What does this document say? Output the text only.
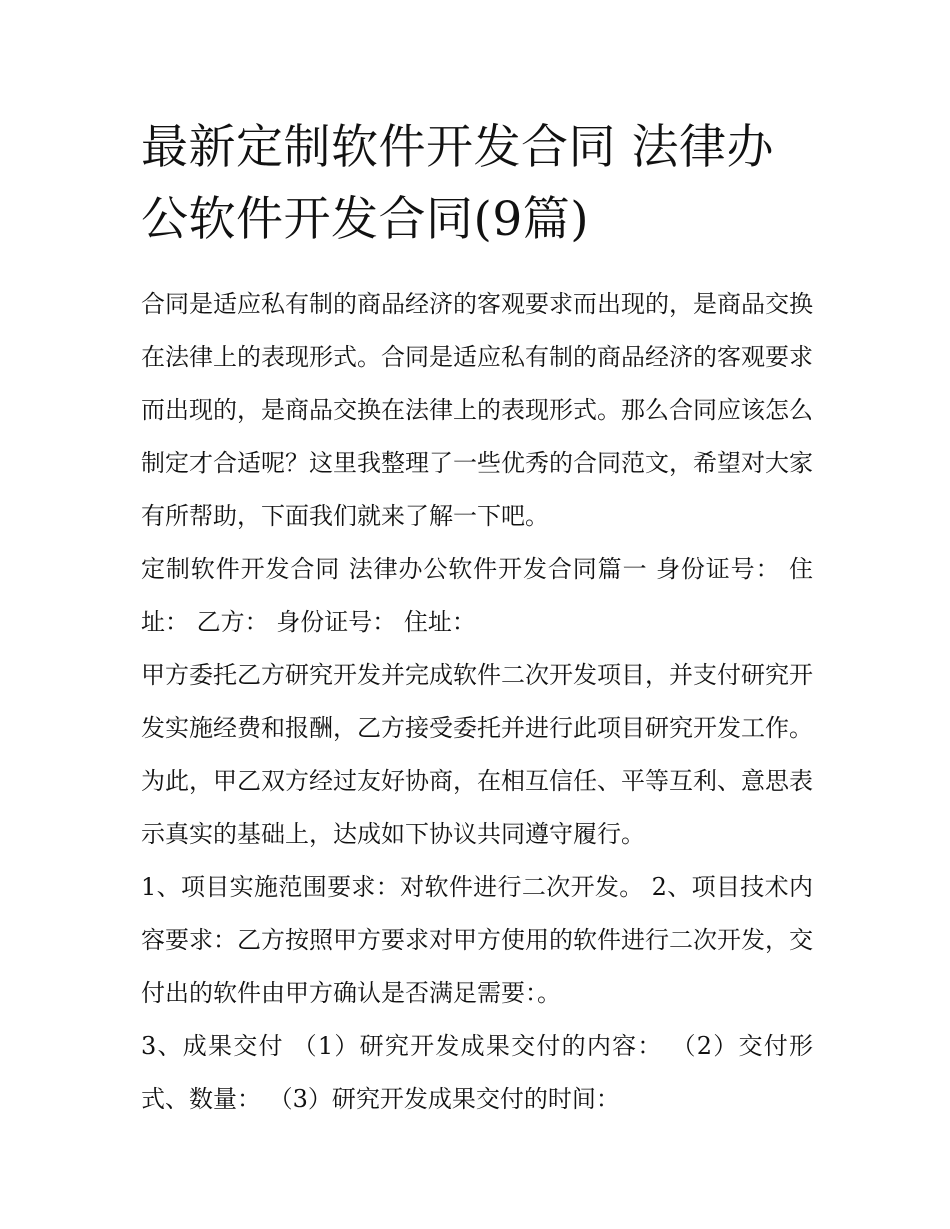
最新定制软件开发合同 法律办公软件开发合同(9篇)

合同是适应私有制的商品经济的客观要求而出现的，是商品交换在法律上的表现形式。合同是适应私有制的商品经济的客观要求而出现的，是商品交换在法律上的表现形式。那么合同应该怎么制定才合适呢？这里我整理了一些优秀的合同范文，希望对大家有所帮助，下面我们就来了解一下吧。

定制软件开发合同 法律办公软件开发合同篇一 身份证号： 住址： 乙方： 身份证号： 住址：

甲方委托乙方研究开发并完成软件二次开发项目，并支付研究开发实施经费和报酬，乙方接受委托并进行此项目研究开发工作。为此，甲乙双方经过友好协商，在相互信任、平等互利、意思表示真实的基础上，达成如下协议共同遵守履行。

1、项目实施范围要求：对软件进行二次开发。 2、项目技术内容要求：乙方按照甲方要求对甲方使用的软件进行二次开发，交付出的软件由甲方确认是否满足需要：。

3、成果交付 （1）研究开发成果交付的内容： （2）交付形式、数量： （3）研究开发成果交付的时间：
